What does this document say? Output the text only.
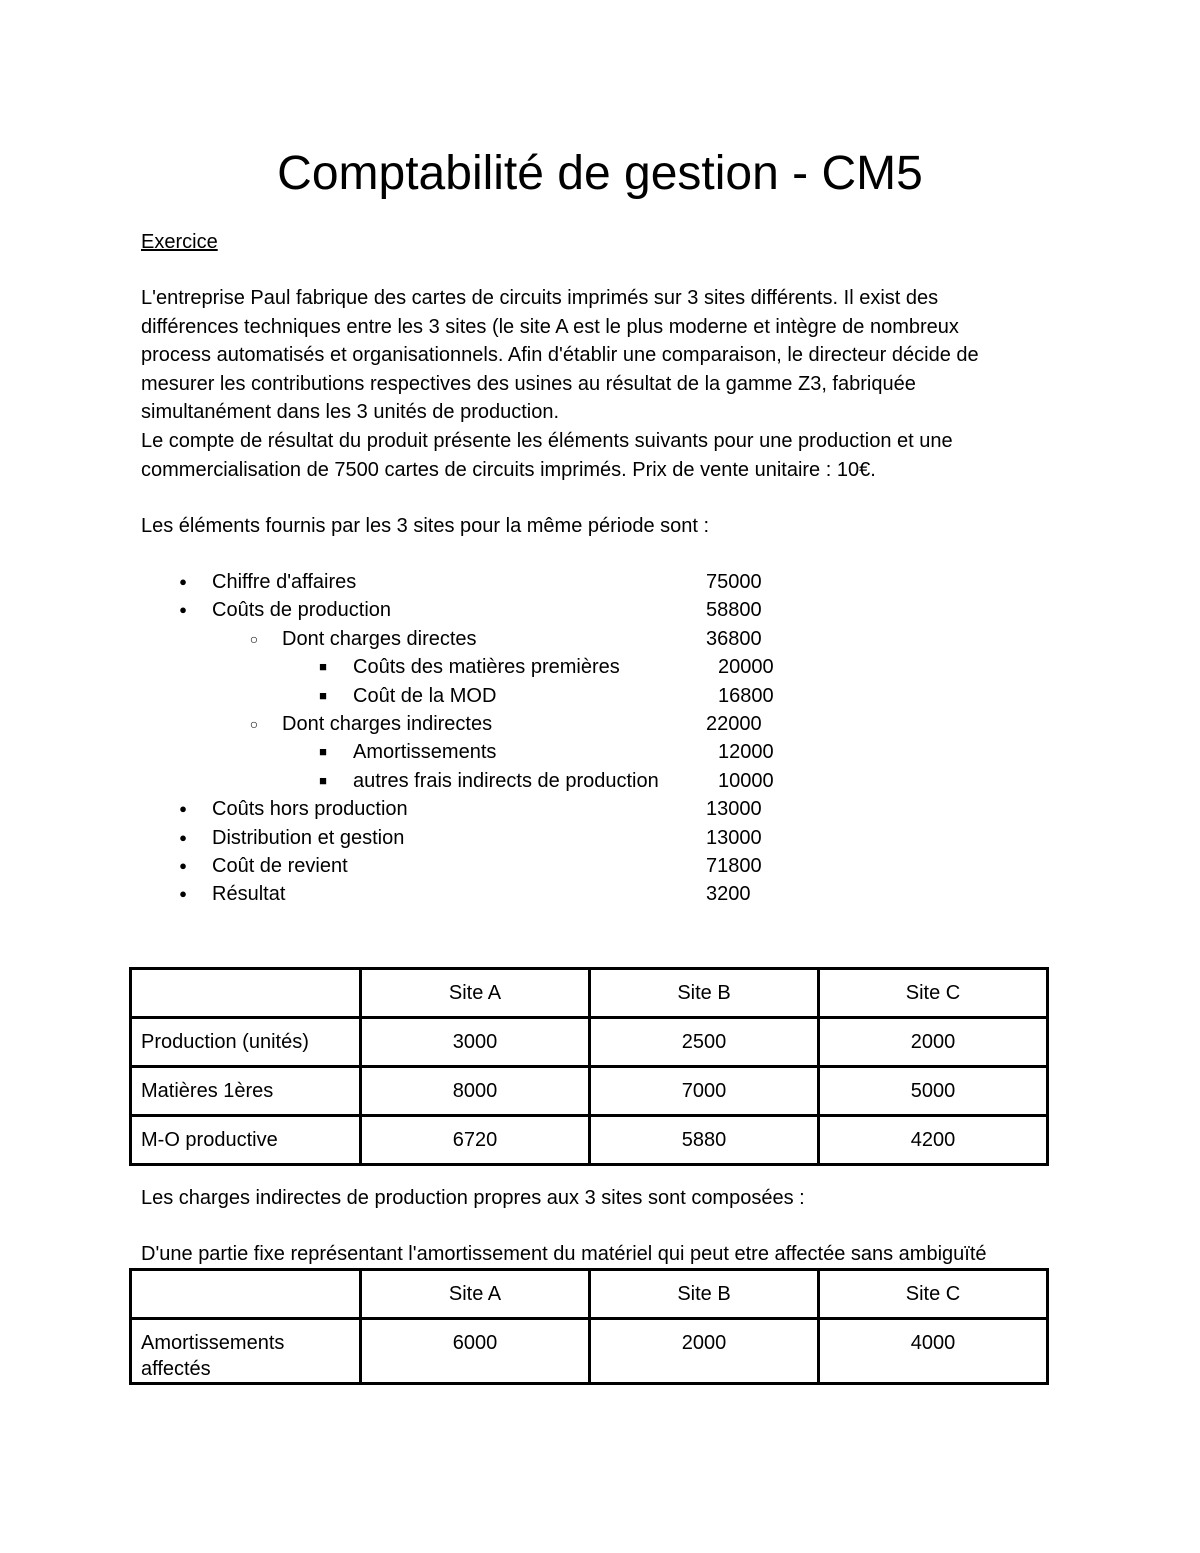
Comptabilité de gestion - CM5
Exercice

L'entreprise Paul fabrique des cartes de circuits imprimés sur 3 sites différents. Il exist des

différences techniques entre les 3 sites (le site A est le plus moderne et intègre de nombreux

process automatisés et organisationnels. Afin d'établir une comparaison, le directeur décide de

mesurer les contributions respectives des usines au résultat de la gamme Z3, fabriquée

simultanément dans les 3 unités de production.

Le compte de résultat du produit présente les éléments suivants pour une production et une

commercialisation de 7500 cartes de circuits imprimés. Prix de vente unitaire : 10€.

Les éléments fournis par les 3 sites pour la même période sont :
●	Chiffre d'affaires	75000
●	Coûts de production	58800
○ Dont charges directes	36800
■	Coûts des matières premières	20000
■	Coût de la MOD	16800
○ Dont charges indirectes	22000
■	Amortissements	12000
■	autres frais indirects de production	10000
●	Coûts hors production	13000
●	Distribution et gestion	13000
●	Coût de revient	71800
●	Résultat	3200
	Site A	Site B	Site C
Production (unités)	3000	2500	2000
Matières 1ères	8000	7000	5000
M-O productive	6720	5880	4200
Les charges indirectes de production propres aux 3 sites sont composées :
D'une partie fixe représentant l'amortissement du matériel qui peut etre affectée sans ambiguïté
	Site A	Site B	Site C
Amortissements affectés	6000	2000	4000
